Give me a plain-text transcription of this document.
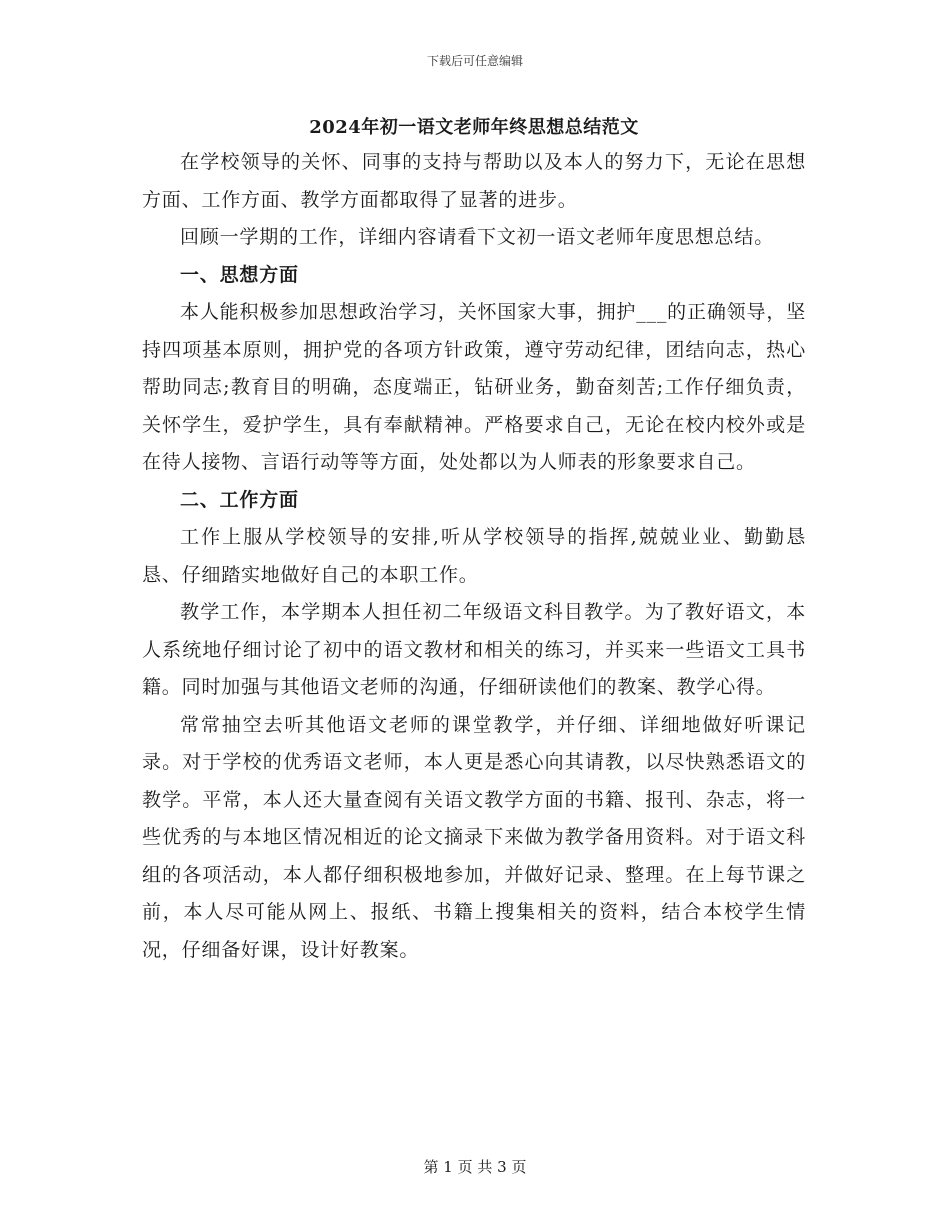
下载后可任意编辑
2024年初一语文老师年终思想总结范文

在学校领导的关怀、同事的支持与帮助以及本人的努力下，无论在思想方面、工作方面、教学方面都取得了显著的进步。

回顾一学期的工作，详细内容请看下文初一语文老师年度思想总结。

一、思想方面

本人能积极参加思想政治学习，关怀国家大事，拥护___的正确领导，坚持四项基本原则，拥护党的各项方针政策，遵守劳动纪律，团结向志，热心帮助同志;教育目的明确，态度端正，钻研业务，勤奋刻苦;工作仔细负责，关怀学生，爱护学生，具有奉献精神。严格要求自己，无论在校内校外或是在待人接物、言语行动等等方面，处处都以为人师表的形象要求自己。

二、工作方面

工作上服从学校领导的安排,听从学校领导的指挥,兢兢业业、勤勤恳恳、仔细踏实地做好自己的本职工作。

教学工作，本学期本人担任初二年级语文科目教学。为了教好语文，本人系统地仔细讨论了初中的语文教材和相关的练习，并买来一些语文工具书籍。同时加强与其他语文老师的沟通，仔细研读他们的教案、教学心得。

常常抽空去听其他语文老师的课堂教学，并仔细、详细地做好听课记录。对于学校的优秀语文老师，本人更是悉心向其请教，以尽快熟悉语文的教学。平常，本人还大量查阅有关语文教学方面的书籍、报刊、杂志，将一些优秀的与本地区情况相近的论文摘录下来做为教学备用资料。对于语文科组的各项活动，本人都仔细积极地参加，并做好记录、整理。在上每节课之前，本人尽可能从网上、报纸、书籍上搜集相关的资料，结合本校学生情况，仔细备好课，设计好教案。

第 1 页 共 3 页
